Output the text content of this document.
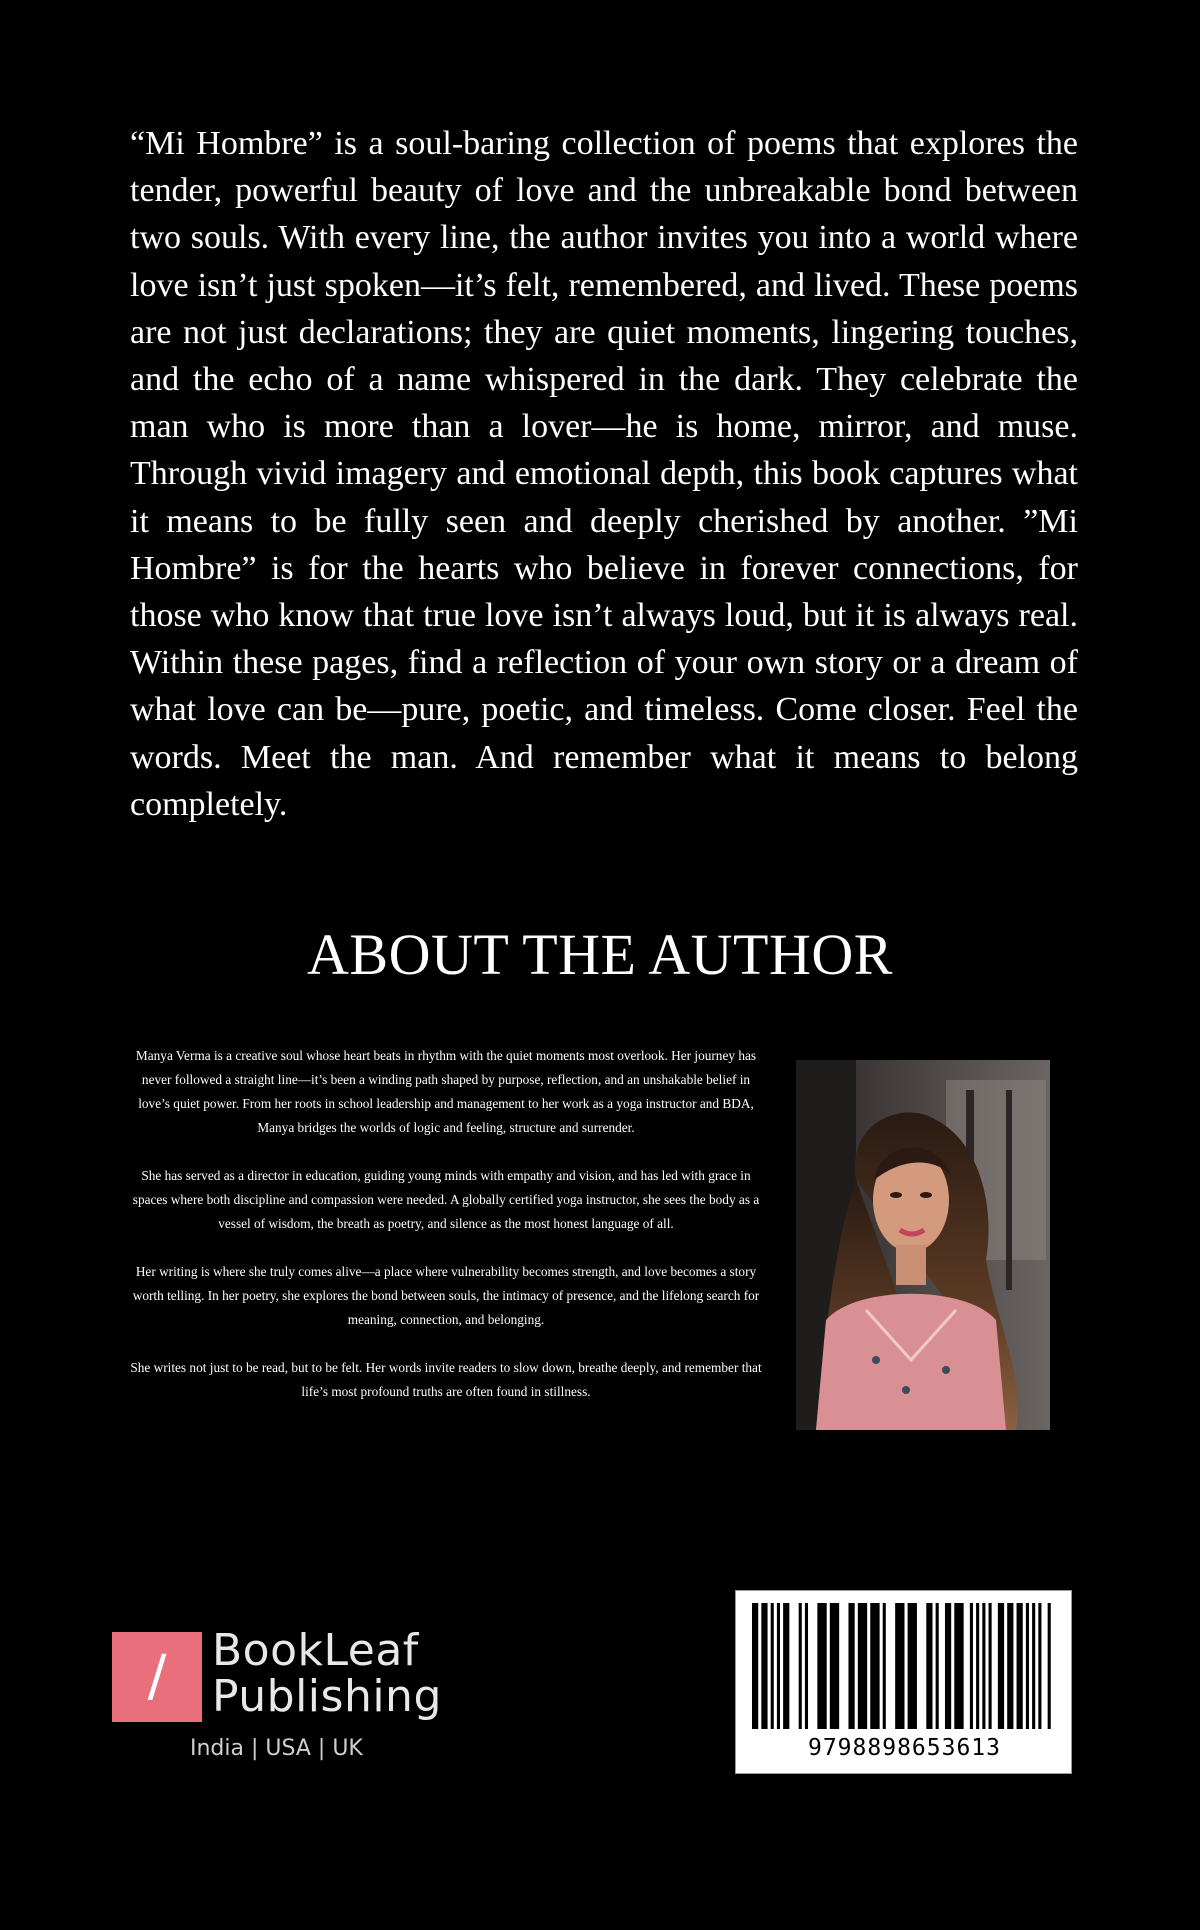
“Mi Hombre” is a soul-baring collection of poems that explores the tender, powerful beauty of love and the unbreakable bond between two souls. With every line, the author invites you into a world where love isn’t just spoken—it’s felt, remembered, and lived. These poems are not just declarations; they are quiet moments, lingering touches, and the echo of a name whispered in the dark. They celebrate the man who is more than a lover—he is home, mirror, and muse. Through vivid imagery and emotional depth, this book captures what it means to be fully seen and deeply cherished by another. ”Mi Hombre” is for the hearts who believe in forever connections, for those who know that true love isn’t always loud, but it is always real. Within these pages, find a reflection of your own story or a dream of what love can be—pure, poetic, and timeless. Come closer. Feel the words. Meet the man. And remember what it means to belong completely.

ABOUT THE AUTHOR

Manya Verma is a creative soul whose heart beats in rhythm with the quiet moments most overlook. Her journey has never followed a straight line—it’s been a winding path shaped by purpose, reflection, and an unshakable belief in love’s quiet power. From her roots in school leadership and management to her work as a yoga instructor and BDA, Manya bridges the worlds of logic and feeling, structure and surrender.

She has served as a director in education, guiding young minds with empathy and vision, and has led with grace in spaces where both discipline and compassion were needed. A globally certified yoga instructor, she sees the body as a vessel of wisdom, the breath as poetry, and silence as the most honest language of all.

Her writing is where she truly comes alive—a place where vulnerability becomes strength, and love becomes a story worth telling. In her poetry, she explores the bond between souls, the intimacy of presence, and the lifelong search for meaning, connection, and belonging.

She writes not just to be read, but to be felt. Her words invite readers to slow down, breathe deeply, and remember that life’s most profound truths are often found in stillness.

/	BookLeaf
Publishing
India | USA | UK	9798898653613
